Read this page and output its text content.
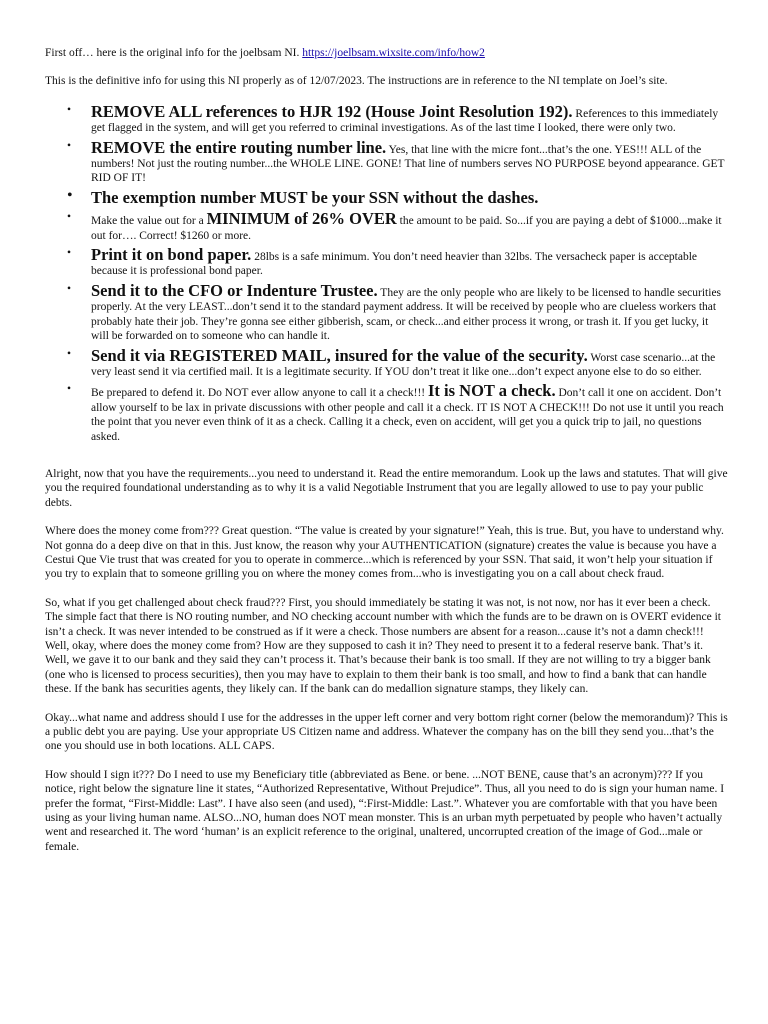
First off… here is the original info for the joelbsam NI. https://joelbsam.wixsite.com/info/how2

This is the definitive info for using this NI properly as of 12/07/2023. The instructions are in reference to the NI template on Joel’s site.

• REMOVE ALL references to HJR 192 (House Joint Resolution 192). References to this immediately get flagged in the system, and will get you referred to criminal investigations. As of the last time I looked, there were only two.
• REMOVE the entire routing number line. Yes, that line with the micre font...that’s the one. YES!!! ALL of the numbers! Not just the routing number...the WHOLE LINE. GONE! That line of numbers serves NO PURPOSE beyond appearance. GET RID OF IT!
• The exemption number MUST be your SSN without the dashes.
• Make the value out for a MINIMUM of 26% OVER the amount to be paid. So...if you are paying a debt of $1000...make it out for…. Correct! $1260 or more.
• Print it on bond paper. 28lbs is a safe minimum. You don’t need heavier than 32lbs. The versacheck paper is acceptable because it is professional bond paper.
• Send it to the CFO or Indenture Trustee. They are the only people who are likely to be licensed to handle securities properly. At the very LEAST...don’t send it to the standard payment address. It will be received by people who are clueless workers that probably hate their job. They’re gonna see either gibberish, scam, or check...and either process it wrong, or trash it. If you get lucky, it will be forwarded on to someone who can handle it.
• Send it via REGISTERED MAIL, insured for the value of the security. Worst case scenario...at the very least send it via certified mail. It is a legitimate security. If YOU don’t treat it like one...don’t expect anyone else to do so either.
• Be prepared to defend it. Do NOT ever allow anyone to call it a check!!! It is NOT a check. Don’t call it one on accident. Don’t allow yourself to be lax in private discussions with other people and call it a check. IT IS NOT A CHECK!!! Do not use it until you reach the point that you never even think of it as a check. Calling it a check, even on accident, will get you a quick trip to jail, no questions asked.

Alright, now that you have the requirements...you need to understand it. Read the entire memorandum. Look up the laws and statutes. That will give you the required foundational understanding as to why it is a valid Negotiable Instrument that you are legally allowed to use to pay your public debts.

Where does the money come from??? Great question. “The value is created by your signature!” Yeah, this is true. But, you have to understand why. Not gonna do a deep dive on that in this. Just know, the reason why your AUTHENTICATION (signature) creates the value is because you have a Cestui Que Vie trust that was created for you to operate in commerce...which is referenced by your SSN. That said, it won’t help your situation if you try to explain that to someone grilling you on where the money comes from...who is investigating you on a call about check fraud.

So, what if you get challenged about check fraud??? First, you should immediately be stating it was not, is not now, nor has it ever been a check. The simple fact that there is NO routing number, and NO checking account number with which the funds are to be drawn on is OVERT evidence it isn’t a check. It was never intended to be construed as if it were a check. Those numbers are absent for a reason...cause it’s not a damn check!!! Well, okay, where does the money come from? How are they supposed to cash it in? They need to present it to a federal reserve bank. That’s it. Well, we gave it to our bank and they said they can’t process it. That’s because their bank is too small. If they are not willing to try a bigger bank (one who is licensed to process securities), then you may have to explain to them their bank is too small, and how to find a bank that can handle these. If the bank has securities agents, they likely can. If the bank can do medallion signature stamps, they likely can.

Okay...what name and address should I use for the addresses in the upper left corner and very bottom right corner (below the memorandum)? This is a public debt you are paying. Use your appropriate US Citizen name and address. Whatever the company has on the bill they send you...that’s the one you should use in both locations. ALL CAPS.

How should I sign it??? Do I need to use my Beneficiary title (abbreviated as Bene. or bene. ...NOT BENE, cause that’s an acronym)??? If you notice, right below the signature line it states, “Authorized Representative, Without Prejudice”. Thus, all you need to do is sign your human name. I prefer the format, “First-Middle: Last”. I have also seen (and used), “:First-Middle: Last.”. Whatever you are comfortable with that you have been using as your living human name. ALSO...NO, human does NOT mean monster. This is an urban myth perpetuated by people who haven’t actually went and researched it. The word ‘human’ is an explicit reference to the original, unaltered, uncorrupted creation of the image of God...male or female.
